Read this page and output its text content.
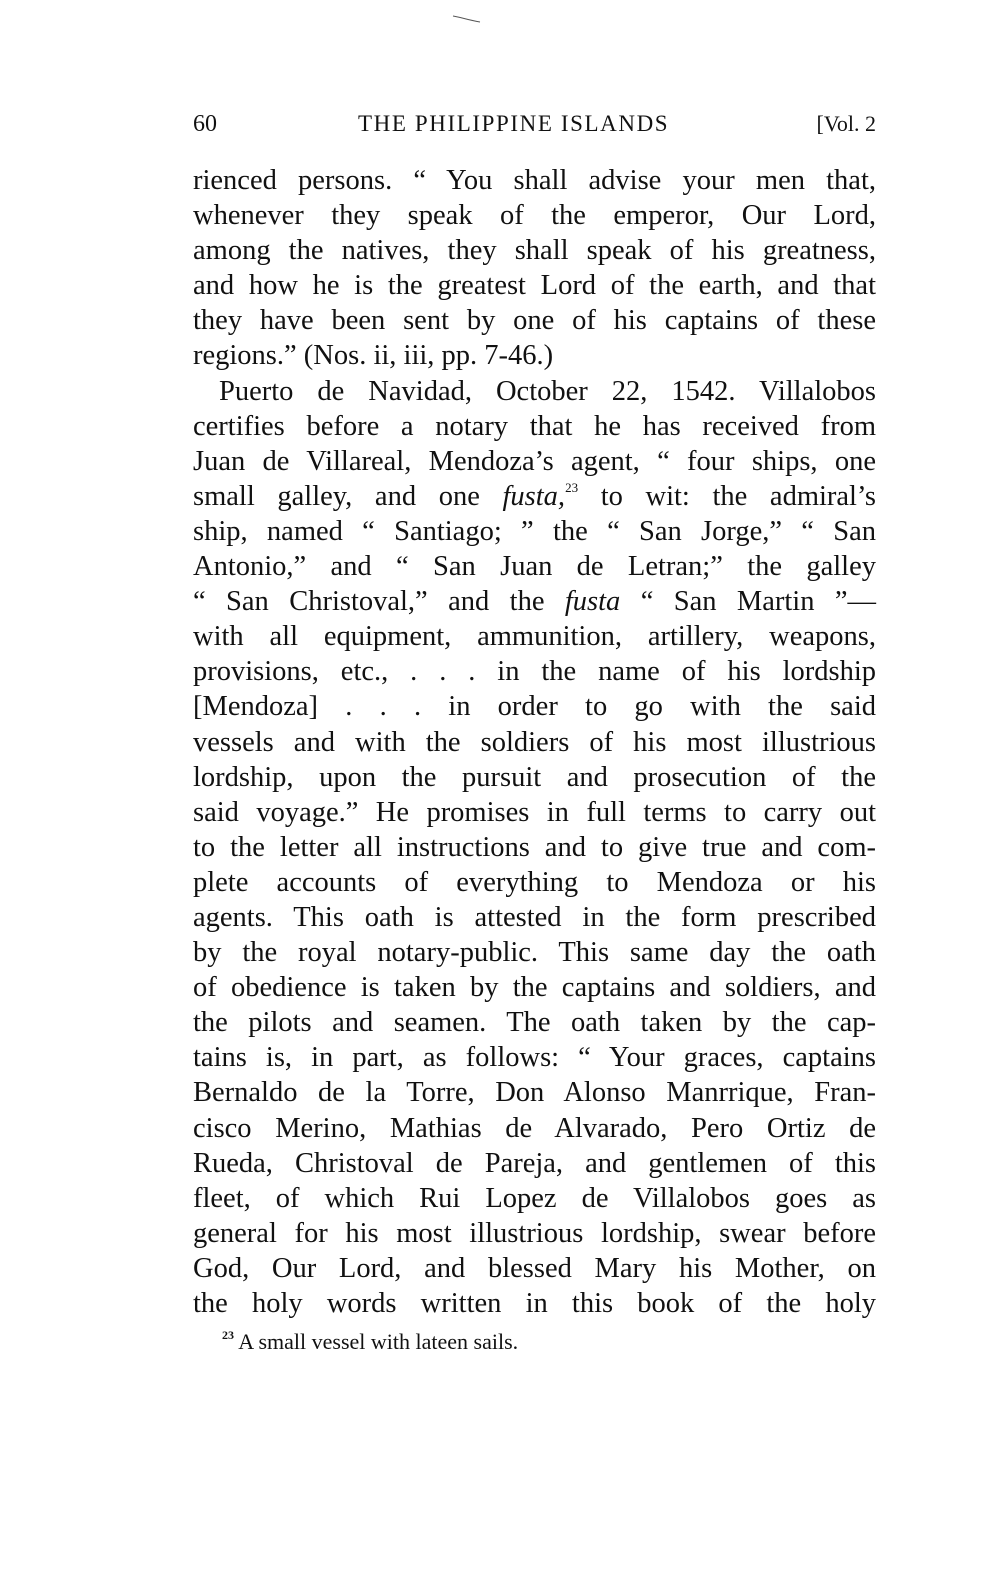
60	THE PHILIPPINE ISLANDS	[Vol. 2
rienced persons. “ You shall advise your men that,
whenever they speak of the emperor, Our Lord,
among the natives, they shall speak of his greatness,
and how he is the greatest Lord of the earth, and that
they have been sent by one of his captains of these
regions.” (Nos. ii, iii, pp. 7-46.)
Puerto de Navidad, October 22, 1542. Villalobos
certifies before a notary that he has received from
Juan de Villareal, Mendoza’s agent, “ four ships, one
small galley, and one fusta,$^{23}$ to wit: the admiral’s
ship, named “ Santiago; ” the “ San Jorge,” “ San
Antonio,” and “ San Juan de Letran;” the galley
“ San Christoval,” and the fusta “ San Martin ”—
with all equipment, ammunition, artillery, weapons,
provisions, etc., . . . in the name of his lordship
[Mendoza] . . . in order to go with the said
vessels and with the soldiers of his most illustrious
lordship, upon the pursuit and prosecution of the
said voyage.” He promises in full terms to carry out
to the letter all instructions and to give true and com-
plete accounts of everything to Mendoza or his
agents. This oath is attested in the form prescribed
by the royal notary-public. This same day the oath
of obedience is taken by the captains and soldiers, and
the pilots and seamen. The oath taken by the cap-
tains is, in part, as follows: “ Your graces, captains
Bernaldo de la Torre, Don Alonso Manrrique, Fran-
cisco Merino, Mathias de Alvarado, Pero Ortiz de
Rueda, Christoval de Pareja, and gentlemen of this
fleet, of which Rui Lopez de Villalobos goes as
general for his most illustrious lordship, swear before
God, Our Lord, and blessed Mary his Mother, on
the holy words written in this book of the holy
$^{23}$ A small vessel with lateen sails.
